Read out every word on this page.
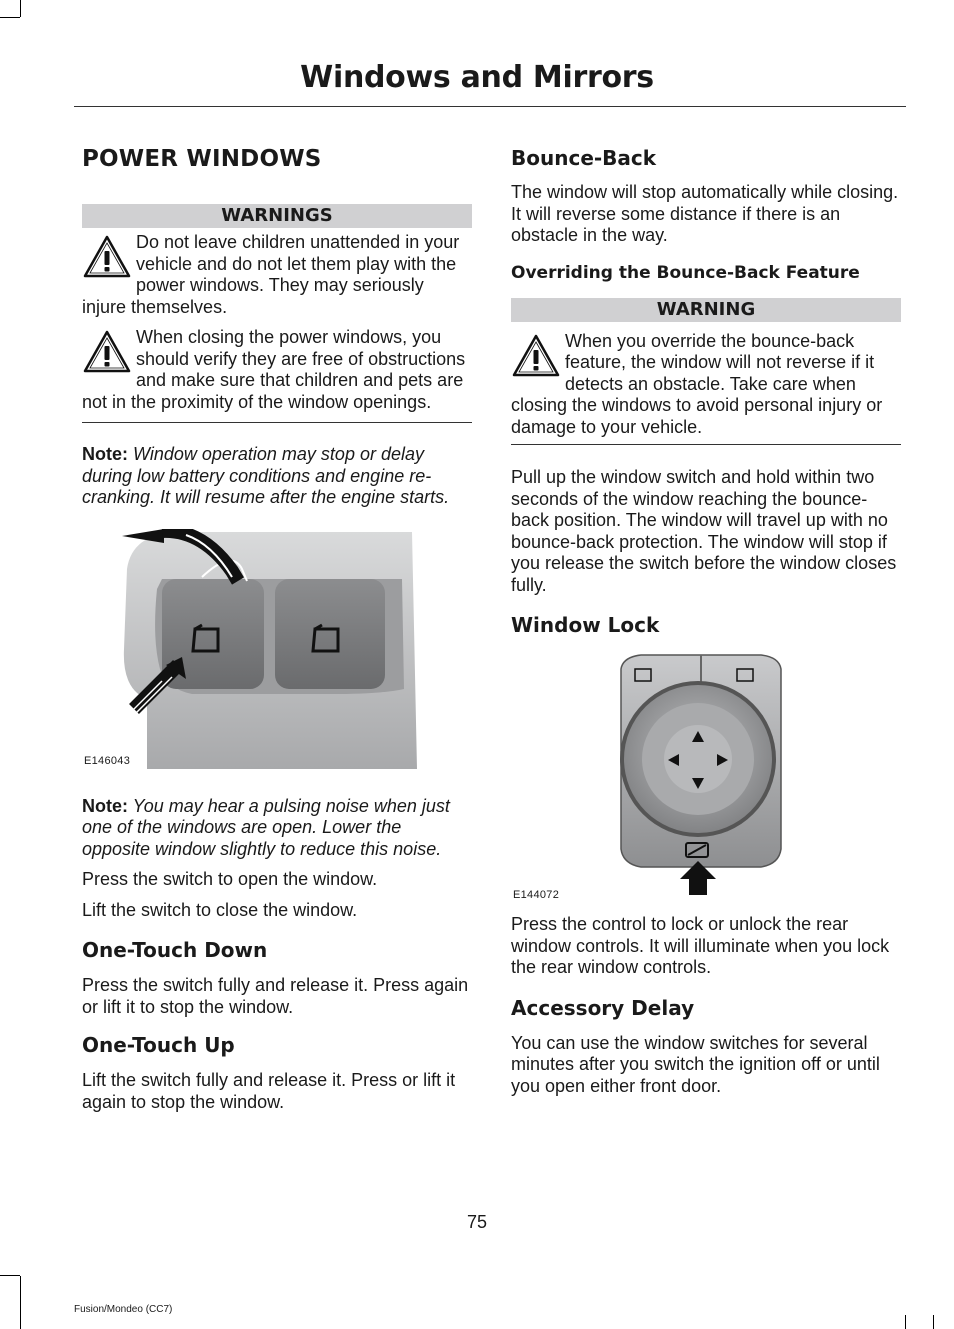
Windows and Mirrors
POWER WINDOWS
WARNINGS

Do not leave children unattended in your vehicle and do not let them play with the power windows. They may seriously injure themselves.

When closing the power windows, you should verify they are free of obstructions and make sure that children and pets are not in the proximity of the window openings.

Note: Window operation may stop or delay during low battery conditions and engine re-cranking. It will resume after the engine starts.

E146043

Note: You may hear a pulsing noise when just one of the windows are open. Lower the opposite window slightly to reduce this noise.

Press the switch to open the window.

Lift the switch to close the window.

One-Touch Down

Press the switch fully and release it. Press again or lift it to stop the window.

One-Touch Up

Lift the switch fully and release it. Press or lift it again to stop the window.

Bounce-Back

The window will stop automatically while closing. It will reverse some distance if there is an obstacle in the way.

Overriding the Bounce-Back Feature
WARNING

When you override the bounce-back feature, the window will not reverse if it detects an obstacle. Take care when closing the windows to avoid personal injury or damage to your vehicle.

Pull up the window switch and hold within two seconds of the window reaching the bounce-back position. The window will travel up with no bounce-back protection. The window will stop if you release the switch before the window closes fully.

Window Lock
E144072

Press the control to lock or unlock the rear window controls. It will illuminate when you lock the rear window controls.

Accessory Delay

You can use the window switches for several minutes after you switch the ignition off or until you open either front door.

75
Fusion/Mondeo (CC7)
